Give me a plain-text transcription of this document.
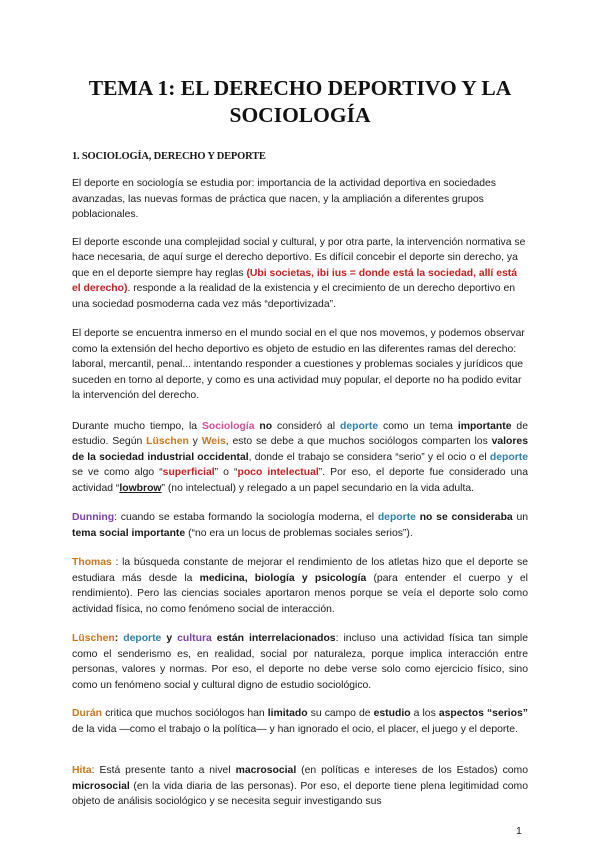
TEMA 1: EL DERECHO DEPORTIVO Y LA SOCIOLOGÍA
1. SOCIOLOGÍA, DERECHO Y DEPORTE

El deporte en sociología se estudia por: importancia de la actividad deportiva en sociedades avanzadas, las nuevas formas de práctica que nacen, y la ampliación a diferentes grupos poblacionales.

El deporte esconde una complejidad social y cultural, y por otra parte, la intervención normativa se hace necesaria, de aquí surge el derecho deportivo. Es difícil concebir el deporte sin derecho, ya que en el deporte siempre hay reglas (Ubi societas, ibi ius = donde está la sociedad, allí está el derecho). responde a la realidad de la existencia y el crecimiento de un derecho deportivo en una sociedad posmoderna cada vez más “deportivizada”.

El deporte se encuentra inmerso en el mundo social en el que nos movemos, y podemos observar como la extensión del hecho deportivo es objeto de estudio en las diferentes ramas del derecho: laboral, mercantil, penal... intentando responder a cuestiones y problemas sociales y jurídicos que suceden en torno al deporte, y como es una actividad muy popular, el deporte no ha podido evitar la intervención del derecho.

Durante mucho tiempo, la Sociología no consideró al deporte como un tema importante de estudio. Según Lüschen y Weis, esto se debe a que muchos sociólogos comparten los valores de la sociedad industrial occidental, donde el trabajo se considera “serio” y el ocio o el deporte se ve como algo “superficial” o “poco intelectual”. Por eso, el deporte fue considerado una actividad “lowbrow” (no intelectual) y relegado a un papel secundario en la vida adulta.

Dunning: cuando se estaba formando la sociología moderna, el deporte no se consideraba un tema social importante (“no era un locus de problemas sociales serios”).

Thomas : la búsqueda constante de mejorar el rendimiento de los atletas hizo que el deporte se estudiara más desde la medicina, biología y psicología (para entender el cuerpo y el rendimiento). Pero las ciencias sociales aportaron menos porque se veía el deporte solo como actividad física, no como fenómeno social de interacción.

Lüschen: deporte y cultura están interrelacionados: incluso una actividad física tan simple como el senderismo es, en realidad, social por naturaleza, porque implica interacción entre personas, valores y normas. Por eso, el deporte no debe verse solo como ejercicio físico, sino como un fenómeno social y cultural digno de estudio sociológico.

Durán critica que muchos sociólogos han limitado su campo de estudio a los aspectos “serios” de la vida —como el trabajo o la política— y han ignorado el ocio, el placer, el juego y el deporte.

Hita: Está presente tanto a nivel macrosocial (en políticas e intereses de los Estados) como microsocial (en la vida diaria de las personas). Por eso, el deporte tiene plena legitimidad como objeto de análisis sociológico y se necesita seguir investigando sus

1
